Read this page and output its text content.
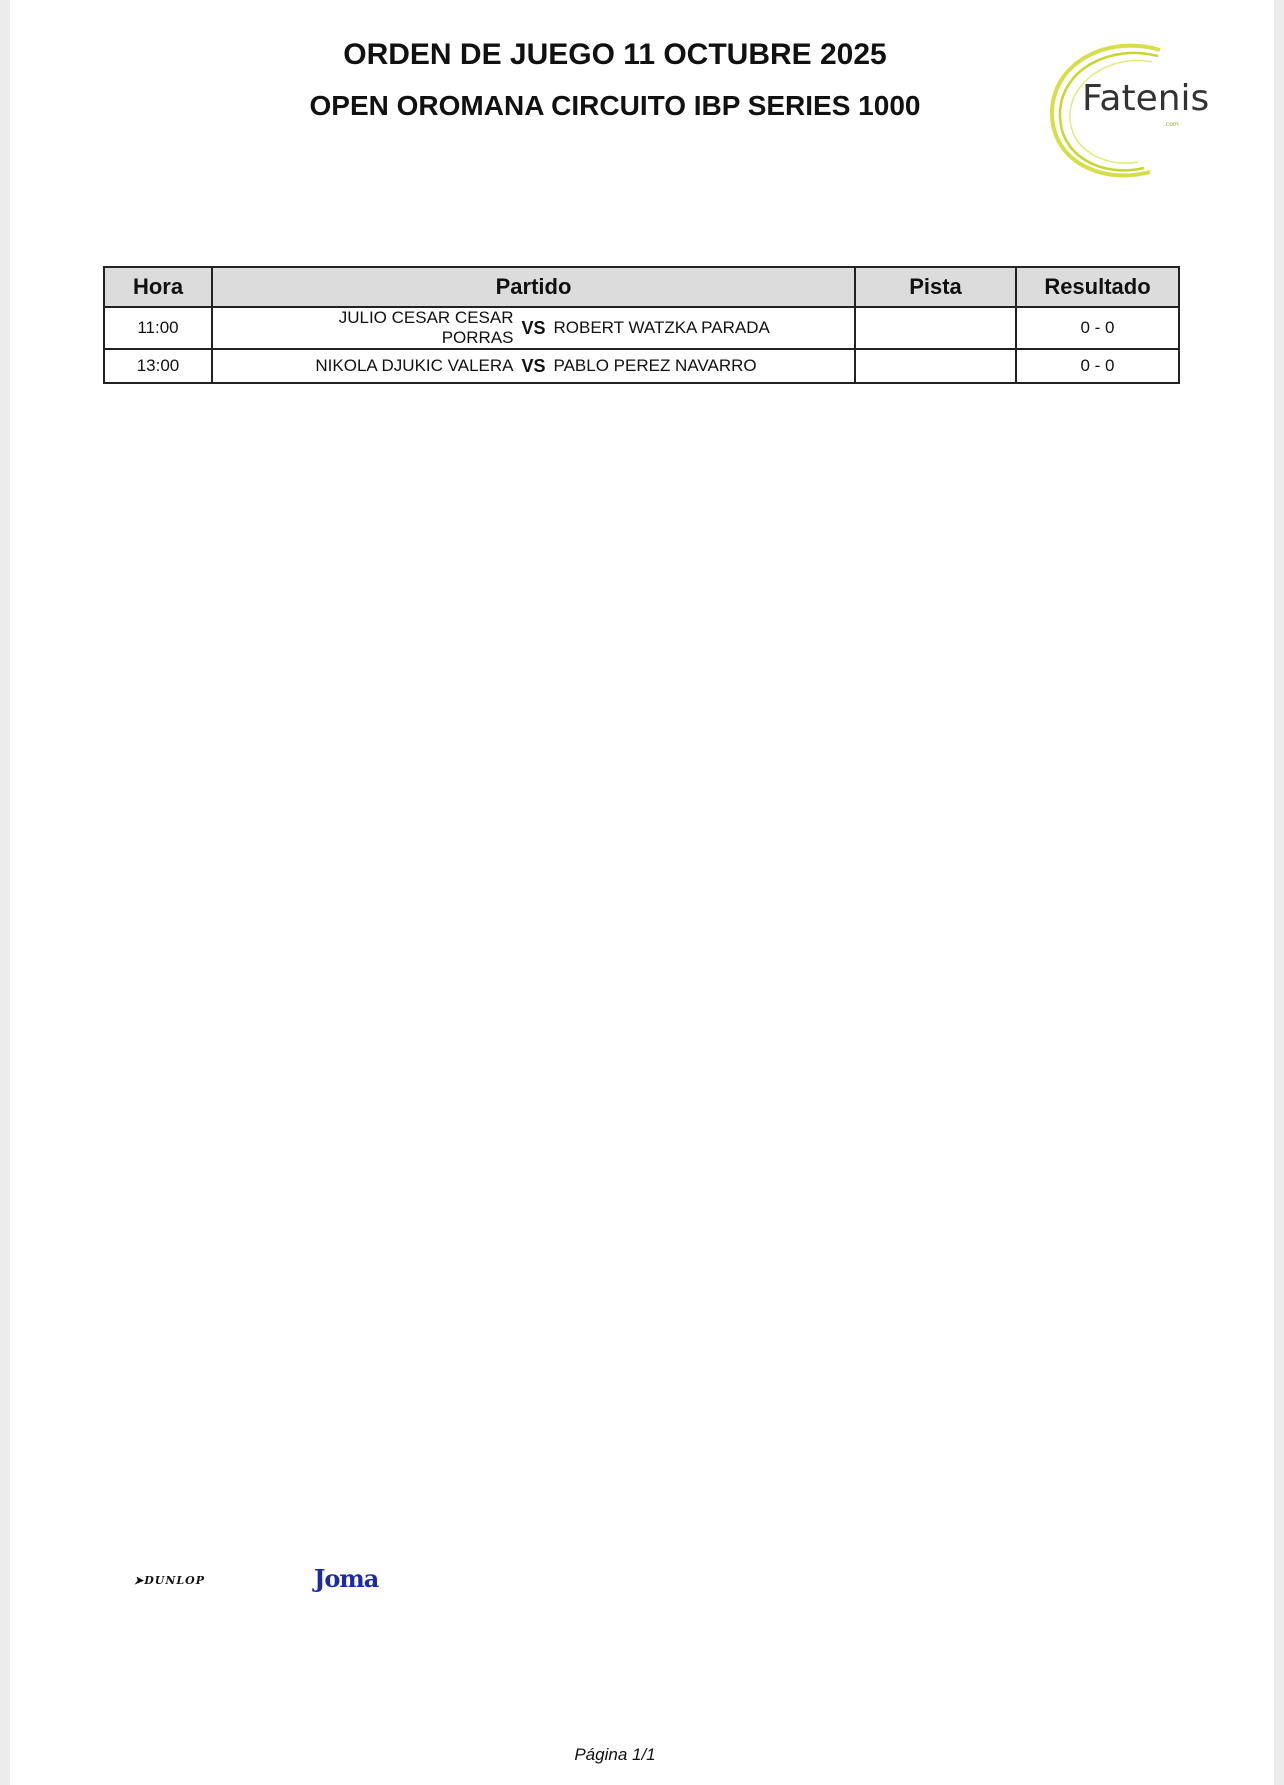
ORDEN DE JUEGO 11 OCTUBRE 2025
OPEN OROMANA CIRCUITO IBP SERIES 1000	Fatenis
.com
Hora	Partido	Pista	Resultado
11:00	JULIO CESAR CESAR PORRAS VS ROBERT WATZKA PARADA		0 - 0
13:00	NIKOLA DJUKIC VALERA VS PABLO PEREZ NAVARRO		0 - 0
➤DUNLOP	Joma
Página 1/1
